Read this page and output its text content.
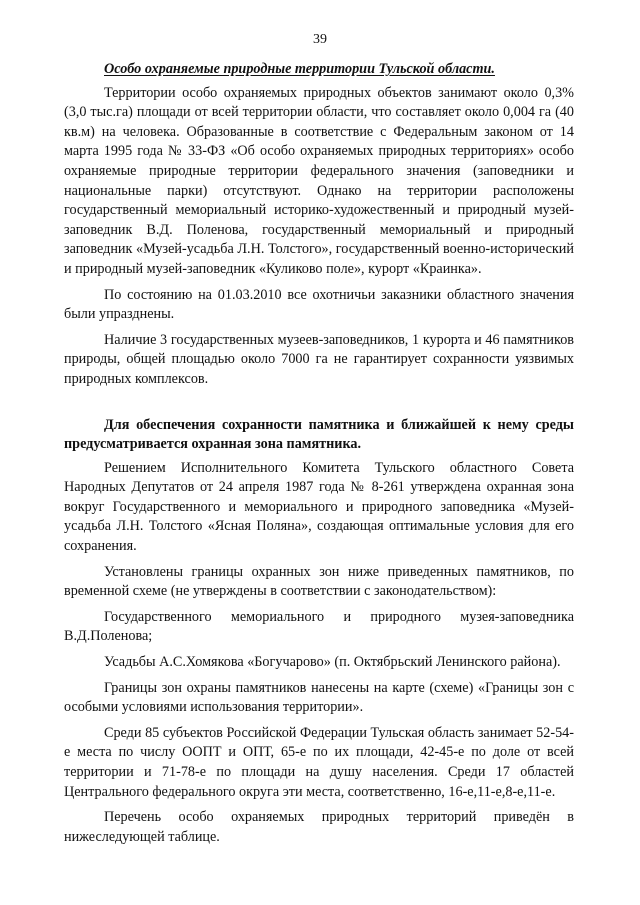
39

Особо охраняемые природные территории Тульской области.

Территории особо охраняемых природных объектов занимают около 0,3% (3,0 тыс.га) площади от всей территории области, что составляет около 0,004 га (40 кв.м) на человека. Образованные в соответствие с Федеральным законом от 14 марта 1995 года № 33-ФЗ «Об особо охраняемых природных территориях» особо охраняемые природные территории федерального значения (заповедники и национальные парки) отсутствуют. Однако на территории расположены государственный мемориальный историко-художественный и природный музей-заповедник В.Д. Поленова, государственный мемориальный и природный заповедник «Музей-усадьба Л.Н. Толстого», государственный военно-исторический и природный музей-заповедник «Куликово поле», курорт «Краинка».

По состоянию на 01.03.2010 все охотничьи заказники областного значения были упразднены.

Наличие 3 государственных музеев-заповедников, 1 курорта и 46 памятников природы, общей площадью около 7000 га не гарантирует сохранности уязвимых природных комплексов.

Для обеспечения сохранности памятника и ближайшей к нему среды предусматривается охранная зона памятника.

Решением Исполнительного Комитета Тульского областного Совета Народных Депутатов от 24 апреля 1987 года № 8-261 утверждена охранная зона вокруг Государственного и мемориального и природного заповедника «Музей-усадьба Л.Н. Толстого «Ясная Поляна», создающая оптимальные условия для его сохранения.

Установлены границы охранных зон ниже приведенных памятников, по временной схеме (не утверждены в соответствии с законодательством):

Государственного мемориального и природного музея-заповедника В.Д.Поленова;

Усадьбы А.С.Хомякова «Богучарово» (п. Октябрьский Ленинского района).

Границы зон охраны памятников нанесены на карте (схеме) «Границы зон с особыми условиями использования территории».

Среди 85 субъектов Российской Федерации Тульская область занимает 52-54-е места по числу ООПТ и ОПТ, 65-е по их площади, 42-45-е по доле от всей территории и 71-78-е по площади на душу населения. Среди 17 областей Центрального федерального округа эти места, соответственно, 16-е,11-е,8-е,11-е.

Перечень особо охраняемых природных территорий приведён в нижеследующей таблице.
